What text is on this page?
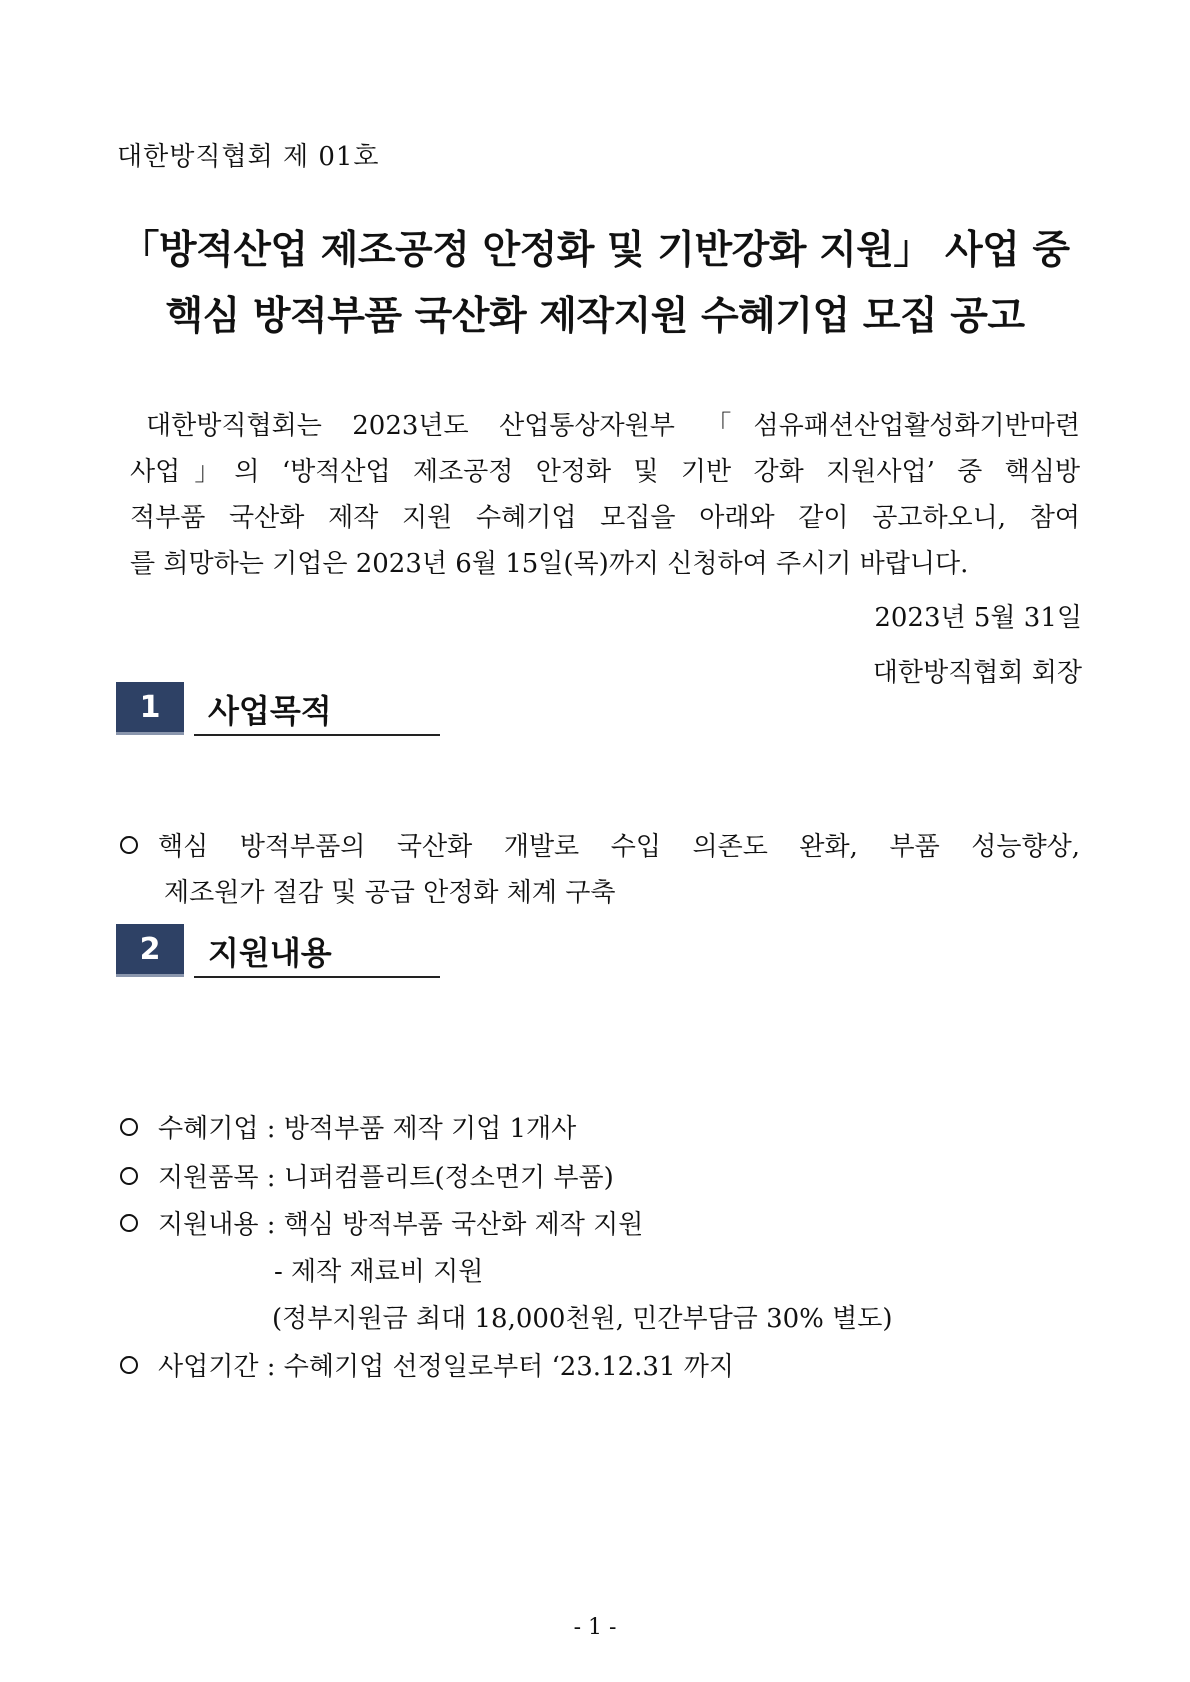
대한방직협회 제 01호
「방적산업 제조공정 안정화 및 기반강화 지원」 사업 중
핵심 방적부품 국산화 제작지원 수혜기업 모집 공고
대한방직협회는 2023년도 산업통상자원부 「섬유패션산업활성화기반마련
사업」의 ‘방적산업 제조공정 안정화 및 기반 강화 지원사업’ 중 핵심방
적부품 국산화 제작 지원 수혜기업 모집을 아래와 같이 공고하오니, 참여
를 희망하는 기업은 2023년 6월 15일(목)까지 신청하여 주시기 바랍니다.
2023년 5월 31일
대한방직협회 회장
1	사업목적
핵심 방적부품의 국산화 개발로 수입 의존도 완화, 부품 성능향상,
제조원가 절감 및 공급 안정화 체계 구축
2	지원내용
수혜기업 : 방적부품 제작 기업 1개사
지원품목 : 니퍼컴플리트(정소면기 부품)
지원내용 : 핵심 방적부품 국산화 제작 지원
- 제작 재료비 지원
(정부지원금 최대 18,000천원, 민간부담금 30% 별도)
사업기간 : 수혜기업 선정일로부터 ‘23.12.31 까지
- 1 -
